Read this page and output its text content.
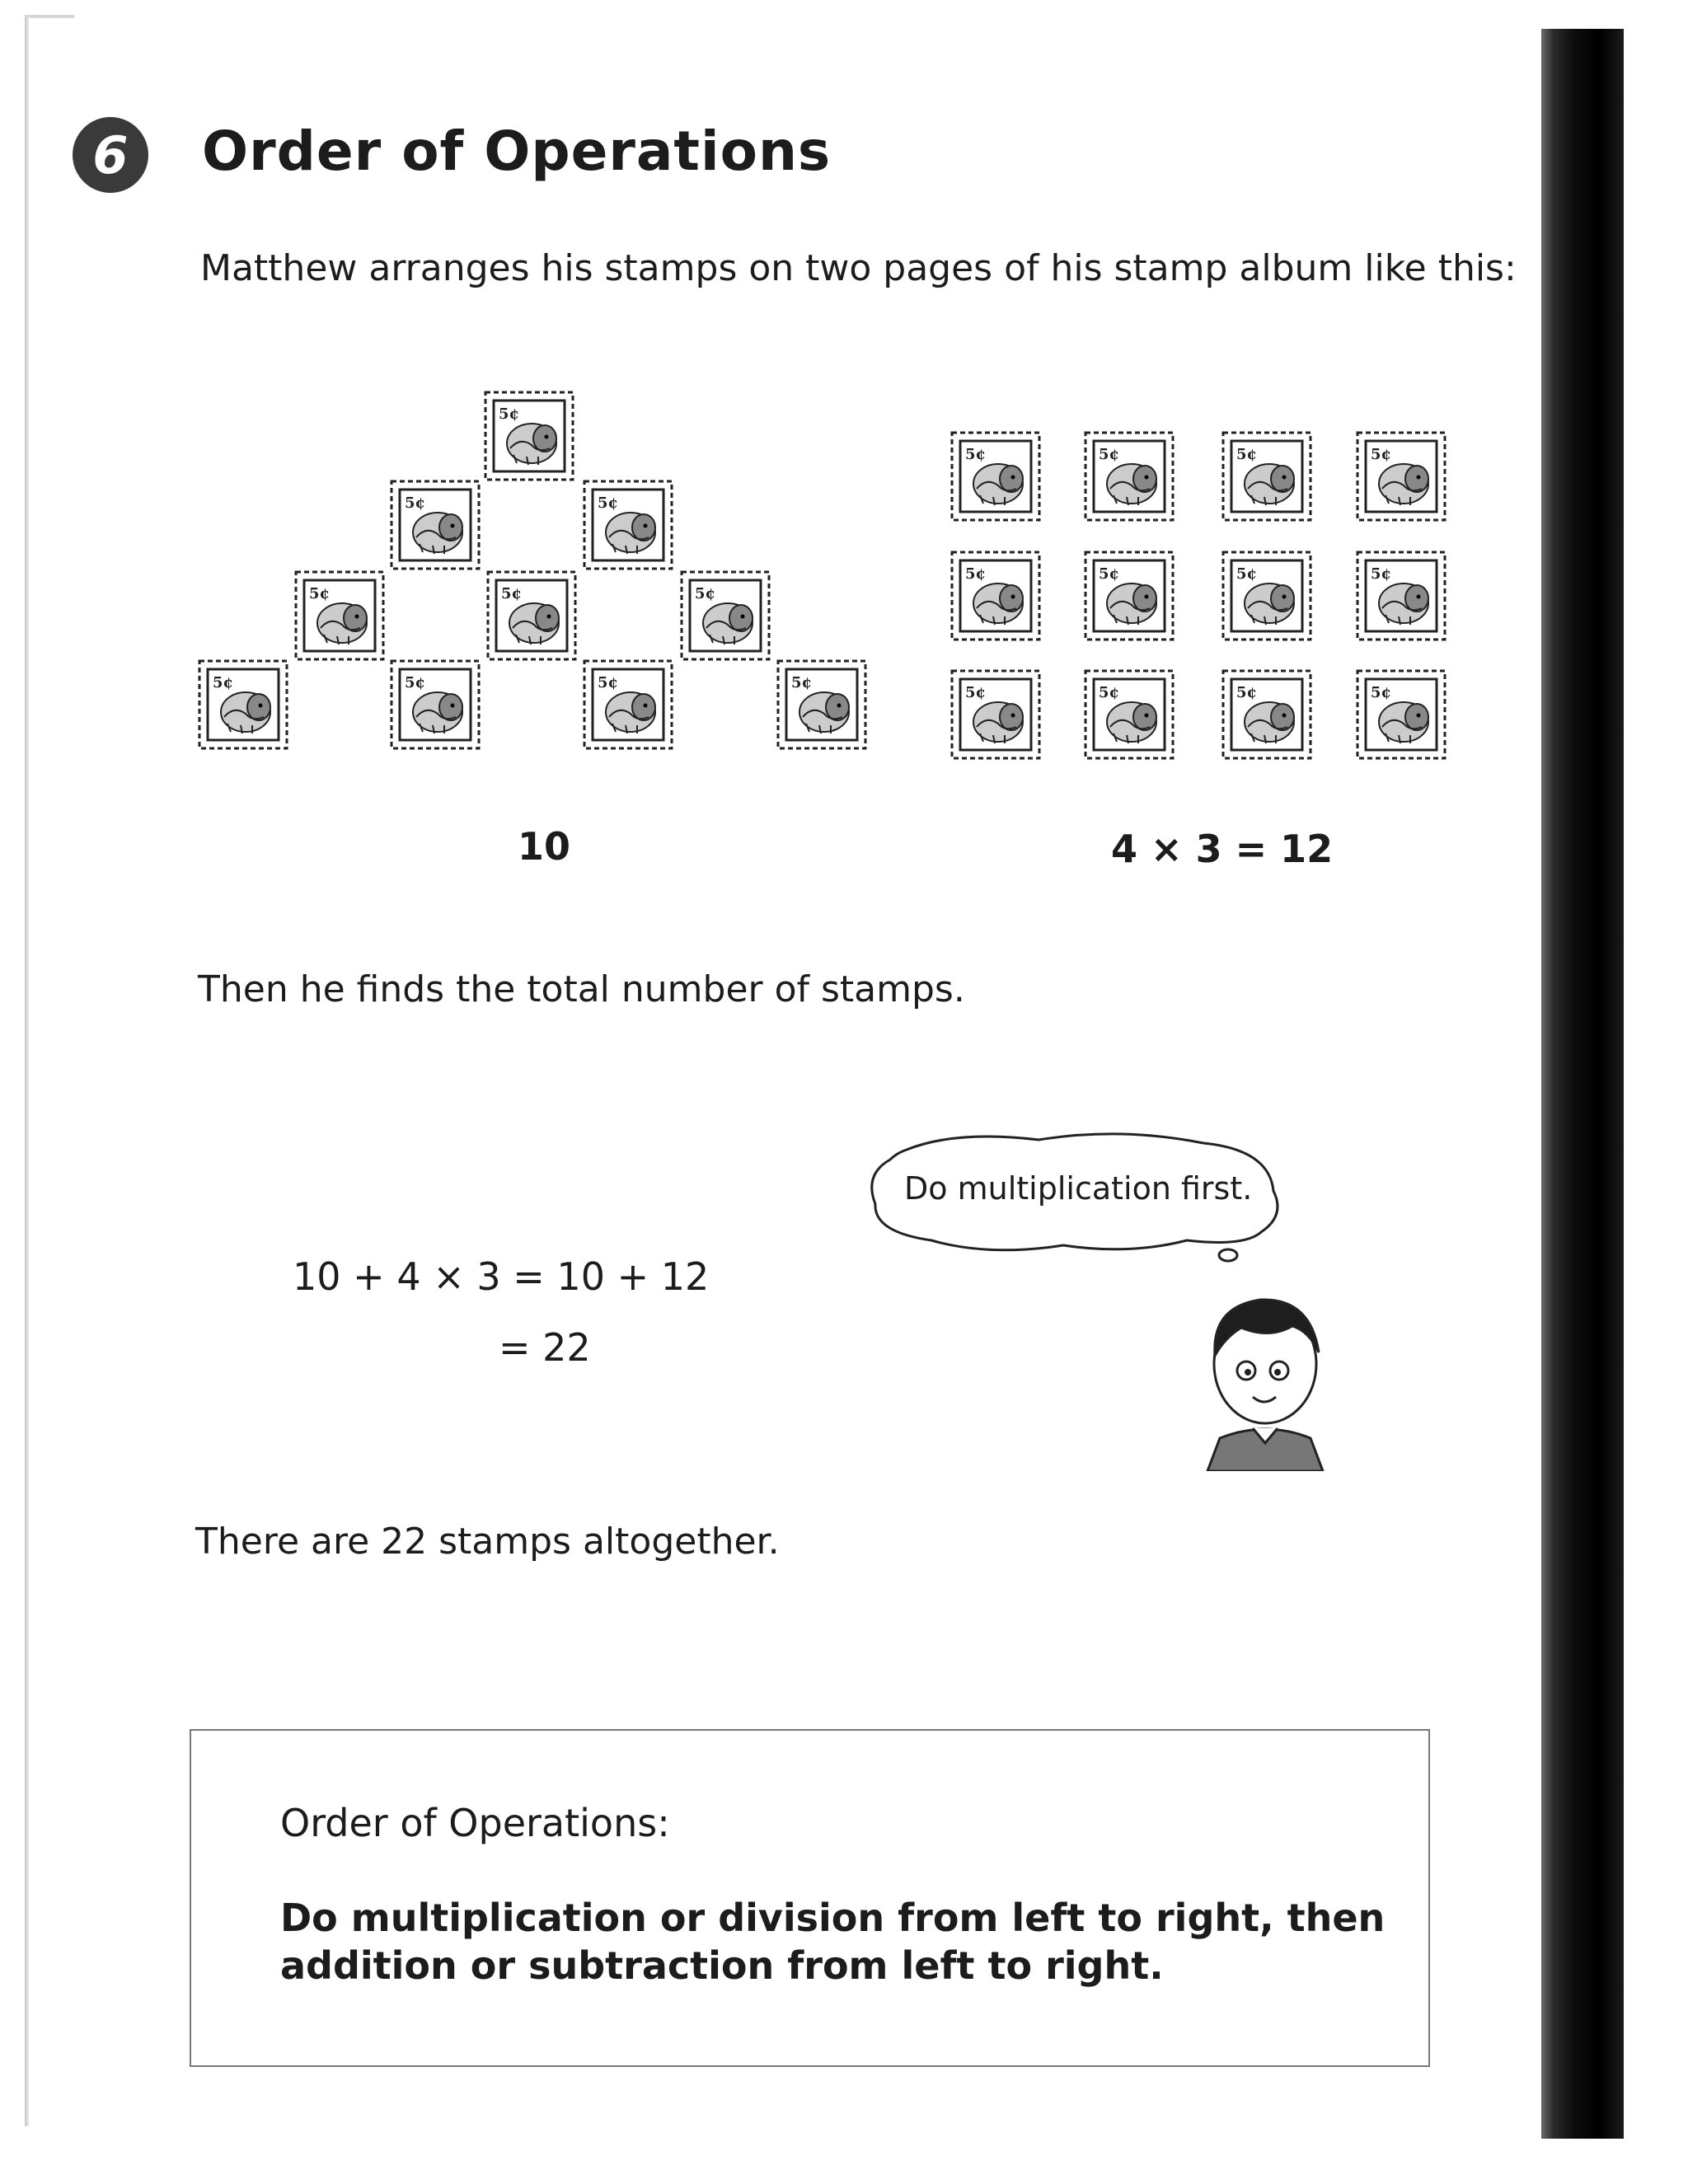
6 Order of Operations
Matthew arranges his stamps on two pages of his stamp album like this:
10	4 × 3 = 12
Then he finds the total number of stamps.
Do multiplication first.
10 + 4 × 3 = 10 + 12
= 22
There are 22 stamps altogether.
Order of Operations:
Do multiplication or division from left to right, then
addition or subtraction from left to right.
